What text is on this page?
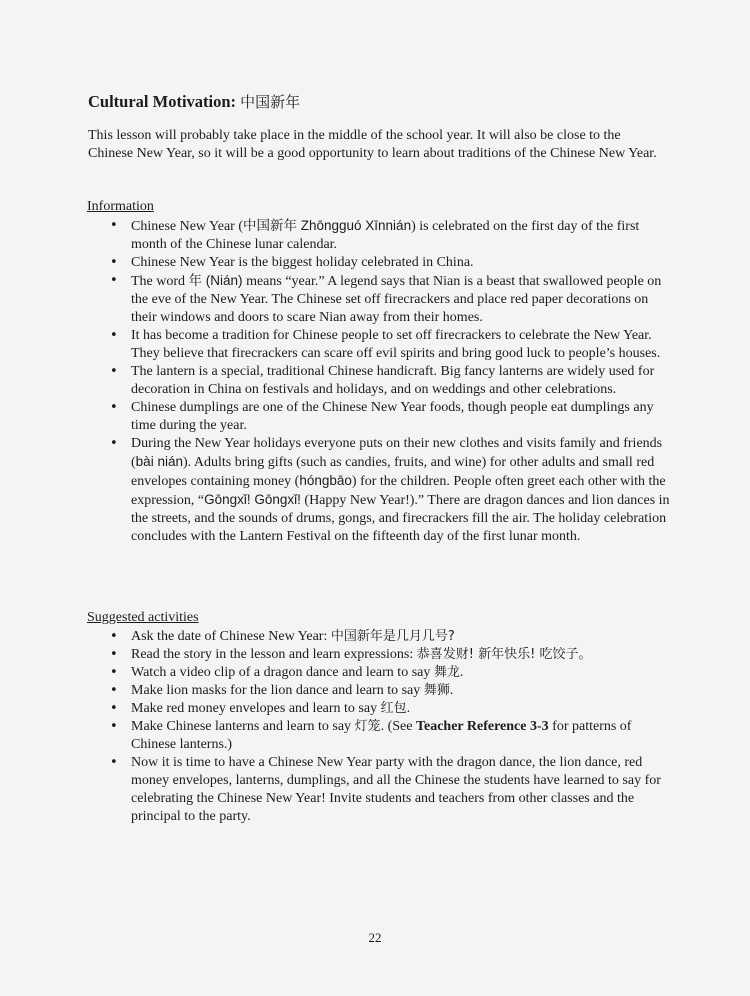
Cultural Motivation: 中国新年

This lesson will probably take place in the middle of the school year. It will also be close to the Chinese New Year, so it will be a good opportunity to learn about traditions of the Chinese New Year.

Information

• Chinese New Year (中国新年 Zhōngguó Xīnnián) is celebrated on the first day of the first month of the Chinese lunar calendar.
• Chinese New Year is the biggest holiday celebrated in China.
• The word 年 (Nián) means “year.” A legend says that Nian is a beast that swallowed people on the eve of the New Year. The Chinese set off firecrackers and place red paper decorations on their windows and doors to scare Nian away from their homes.
• It has become a tradition for Chinese people to set off firecrackers to celebrate the New Year. They believe that firecrackers can scare off evil spirits and bring good luck to people’s houses.
• The lantern is a special, traditional Chinese handicraft. Big fancy lanterns are widely used for decoration in China on festivals and holidays, and on weddings and other celebrations.
• Chinese dumplings are one of the Chinese New Year foods, though people eat dumplings any time during the year.
• During the New Year holidays everyone puts on their new clothes and visits family and friends (bài nián). Adults bring gifts (such as candies, fruits, and wine) for other adults and small red envelopes containing money (hóngbāo) for the children. People often greet each other with the expression, “Gōngxǐ! Gōngxǐ! (Happy New Year!).” There are dragon dances and lion dances in the streets, and the sounds of drums, gongs, and firecrackers fill the air. The holiday celebration concludes with the Lantern Festival on the fifteenth day of the first lunar month.

Suggested activities

• Ask the date of Chinese New Year: 中国新年是几月几号?
• Read the story in the lesson and learn expressions: 恭喜发财! 新年快乐! 吃饺子。
• Watch a video clip of a dragon dance and learn to say 舞龙.
• Make lion masks for the lion dance and learn to say 舞狮.
• Make red money envelopes and learn to say 红包.
• Make Chinese lanterns and learn to say 灯笼. (See Teacher Reference 3-3 for patterns of Chinese lanterns.)
• Now it is time to have a Chinese New Year party with the dragon dance, the lion dance, red money envelopes, lanterns, dumplings, and all the Chinese the students have learned to say for celebrating the Chinese New Year! Invite students and teachers from other classes and the principal to the party.
22
